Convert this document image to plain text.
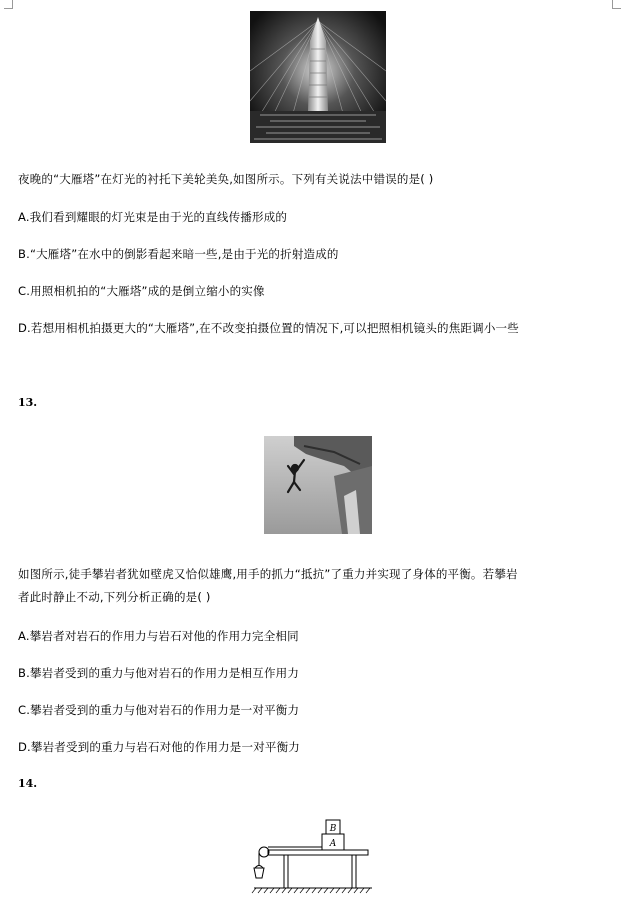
夜晚的“大雁塔”在灯光的衬托下美轮美奂,如图所示。下列有关说法中错误的是( )
A.我们看到耀眼的灯光束是由于光的直线传播形成的
B.“大雁塔”在水中的倒影看起来暗一些,是由于光的折射造成的
C.用照相机拍的“大雁塔”成的是倒立缩小的实像
D.若想用相机拍摄更大的“大雁塔”,在不改变拍摄位置的情况下,可以把照相机镜头的焦距调小一些
13.
如图所示,徒手攀岩者犹如壁虎又恰似雄鹰,用手的抓力“抵抗”了重力并实现了身体的平衡。若攀岩
者此时静止不动,下列分析正确的是( )
A.攀岩者对岩石的作用力与岩石对他的作用力完全相同
B.攀岩者受到的重力与他对岩石的作用力是相互作用力
C.攀岩者受到的重力与他对岩石的作用力是一对平衡力
D.攀岩者受到的重力与岩石对他的作用力是一对平衡力
14.
B
A
